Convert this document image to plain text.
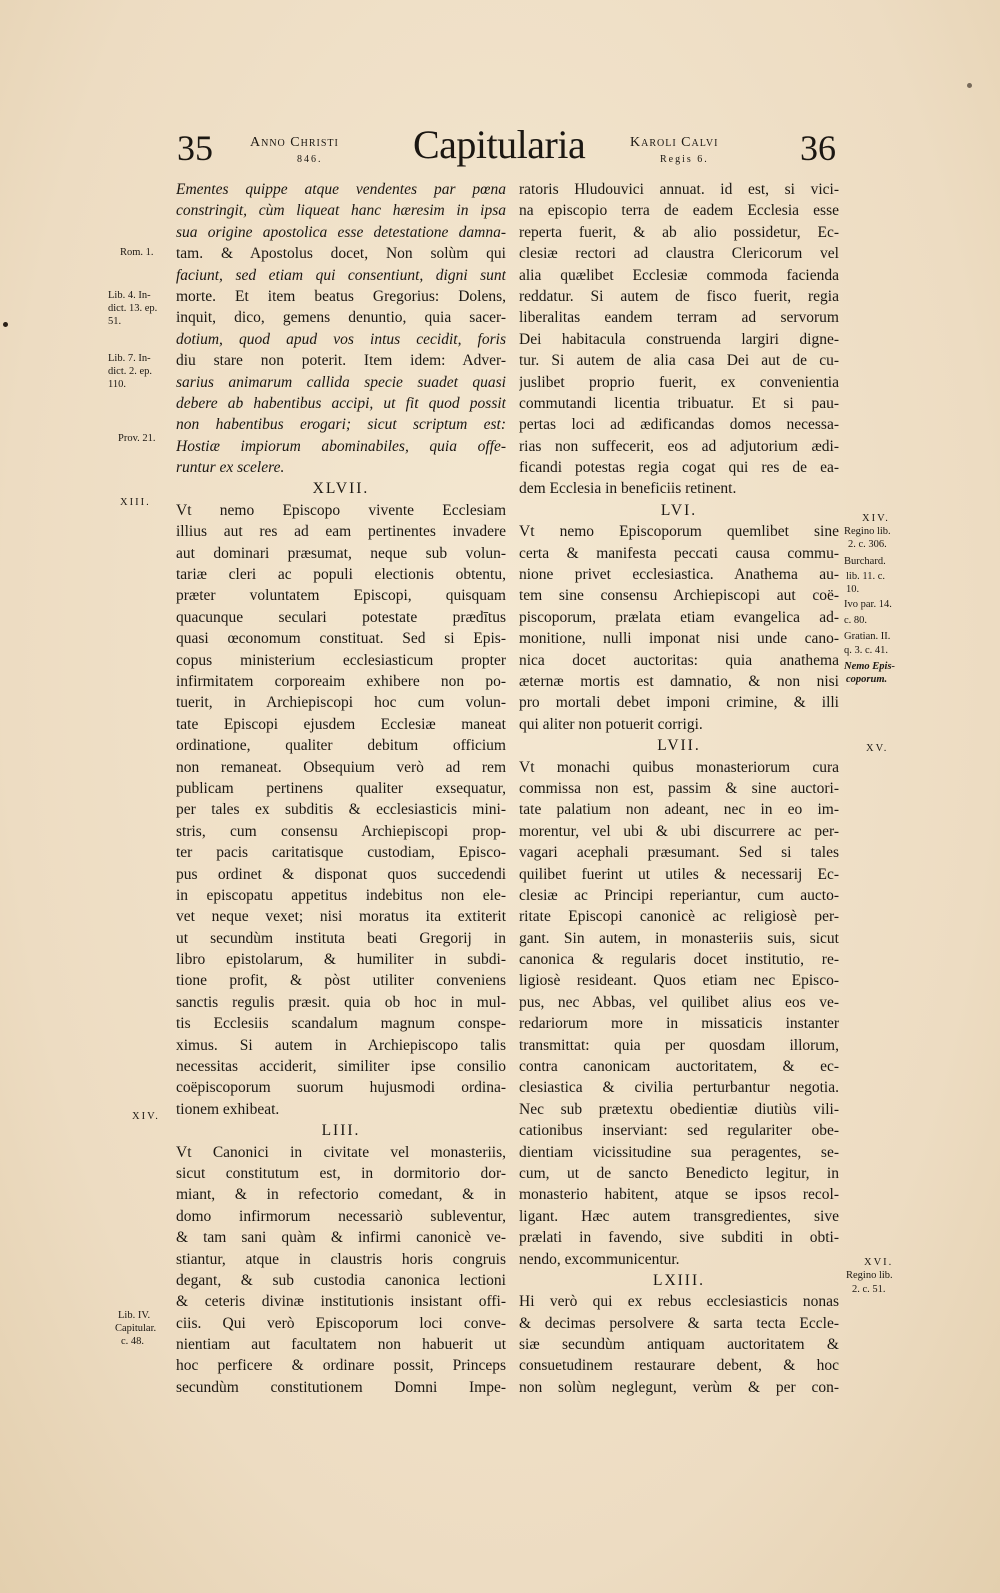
35	Anno Christi
846. Capitularia	Karoli Calvi
Regis 6.	36
Rom. 1.
Lib. 4. In-
dict. 13. ep.
51.
Lib. 7. In-
dict. 2. ep.
110.
Prov. 21.
XIII.
XIV.
Lib. IV.
Capitular.
c. 48.
XIV.
Regino lib.
2. c. 306.
Burchard.
lib. 11. c.
10.
Ivo par. 14.
c. 80.
Gratian. II.
q. 3. c. 41.
Nemo Epis-
coporum.
XV.
XVI.
Regino lib.
2. c. 51.
Ementes quippe atque vendentes par pœna
constringit, cùm liqueat hanc hæresim in ipsa
sua origine apostolica esse detestatione damna-
tam. & Apostolus docet, Non solùm qui
faciunt, sed etiam qui consentiunt, digni sunt
morte. Et item beatus Gregorius: Dolens,
inquit, dico, gemens denuntio, quia sacer-
dotium, quod apud vos intus cecidit, foris
diu stare non poterit. Item idem: Adver-
sarius animarum callida specie suadet quasi
debere ab habentibus accipi, ut fit quod possit
non habentibus erogari; sicut scriptum est:
Hostiæ impiorum abominabiles, quia offe-
runtur ex scelere.
XLVII.
Vt nemo Episcopo vivente Ecclesiam
illius aut res ad eam pertinentes invadere
aut dominari præsumat, neque sub volun-
tariæ cleri ac populi electionis obtentu,
præter voluntatem Episcopi, quisquam
quacunque seculari potestate prædītus
quasi œconomum constituat. Sed si Epis-
copus ministerium ecclesiasticum propter
infirmitatem corporeaim exhibere non po-
tuerit, in Archiepiscopi hoc cum volun-
tate Episcopi ejusdem Ecclesiæ maneat
ordinatione, qualiter debitum officium
non remaneat. Obsequium verò ad rem
publicam pertinens qualiter exsequatur,
per tales ex subditis & ecclesiasticis mini-
stris, cum consensu Archiepiscopi prop-
ter pacis caritatisque custodiam, Episco-
pus ordinet & disponat quos succedendi
in episcopatu appetitus indebitus non ele-
vet neque vexet; nisi moratus ita extiterit
ut secundùm instituta beati Gregorij in
libro epistolarum, & humiliter in subdi-
tione profit, & pòst utiliter conveniens
sanctis regulis præsit. quia ob hoc in mul-
tis Ecclesiis scandalum magnum conspe-
ximus. Si autem in Archiepiscopo talis
necessitas acciderit, similiter ipse consilio
coëpiscoporum suorum hujusmodi ordina-
tionem exhibeat.
LIII.
Vt Canonici in civitate vel monasteriis,
sicut constitutum est, in dormitorio dor-
miant, & in refectorio comedant, & in
domo infirmorum necessariò subleventur,
& tam sani quàm & infirmi canonicè ve-
stiantur, atque in claustris horis congruis
degant, & sub custodia canonica lectioni
& ceteris divinæ institutionis insistant offi-
ciis. Qui verò Episcoporum loci conve-
nientiam aut facultatem non habuerit ut
hoc perficere & ordinare possit, Princeps
secundùm constitutionem Domni Impe-
ratoris Hludouvici annuat. id est, si vici-
na episcopio terra de eadem Ecclesia esse
reperta fuerit, & ab alio possidetur, Ec-
clesiæ rectori ad claustra Clericorum vel
alia quælibet Ecclesiæ commoda facienda
reddatur. Si autem de fisco fuerit, regia
liberalitas eandem terram ad servorum
Dei habitacula construenda largiri digne-
tur. Si autem de alia casa Dei aut de cu-
juslibet proprio fuerit, ex convenientia
commutandi licentia tribuatur. Et si pau-
pertas loci ad ædificandas domos necessa-
rias non suffecerit, eos ad adjutorium ædi-
ficandi potestas regia cogat qui res de ea-
dem Ecclesia in beneficiis retinent.
LVI.
Vt nemo Episcoporum quemlibet sine
certa & manifesta peccati causa commu-
nione privet ecclesiastica. Anathema au-
tem sine consensu Archiepiscopi aut coë-
piscoporum, prælata etiam evangelica ad-
monitione, nulli imponat nisi unde cano-
nica docet auctoritas: quia anathema
æternæ mortis est damnatio, & non nisi
pro mortali debet imponi crimine, & illi
qui aliter non potuerit corrigi.
LVII.
Vt monachi quibus monasteriorum cura
commissa non est, passim & sine auctori-
tate palatium non adeant, nec in eo im-
morentur, vel ubi & ubi discurrere ac per-
vagari acephali præsumant. Sed si tales
quilibet fuerint ut utiles & necessarij Ec-
clesiæ ac Principi reperiantur, cum aucto-
ritate Episcopi canonicè ac religiosè per-
gant. Sin autem, in monasteriis suis, sicut
canonica & regularis docet institutio, re-
ligiosè resideant. Quos etiam nec Episco-
pus, nec Abbas, vel quilibet alius eos ve-
redariorum more in missaticis instanter
transmittat: quia per quosdam illorum,
contra canonicam auctoritatem, & ec-
clesiastica & civilia perturbantur negotia.
Nec sub prætextu obedientiæ diutiùs vili-
cationibus inserviant: sed regulariter obe-
dientiam vicissitudine sua peragentes, se-
cum, ut de sancto Benedicto legitur, in
monasterio habitent, atque se ipsos recol-
ligant. Hæc autem transgredientes, sive
prælati in favendo, sive subditi in obti-
nendo, excommunicentur.
LXIII.
Hi verò qui ex rebus ecclesiasticis nonas
& decimas persolvere & sarta tecta Eccle-
siæ secundùm antiquam auctoritatem &
consuetudinem restaurare debent, & hoc
non solùm neglegunt, verùm & per con-
